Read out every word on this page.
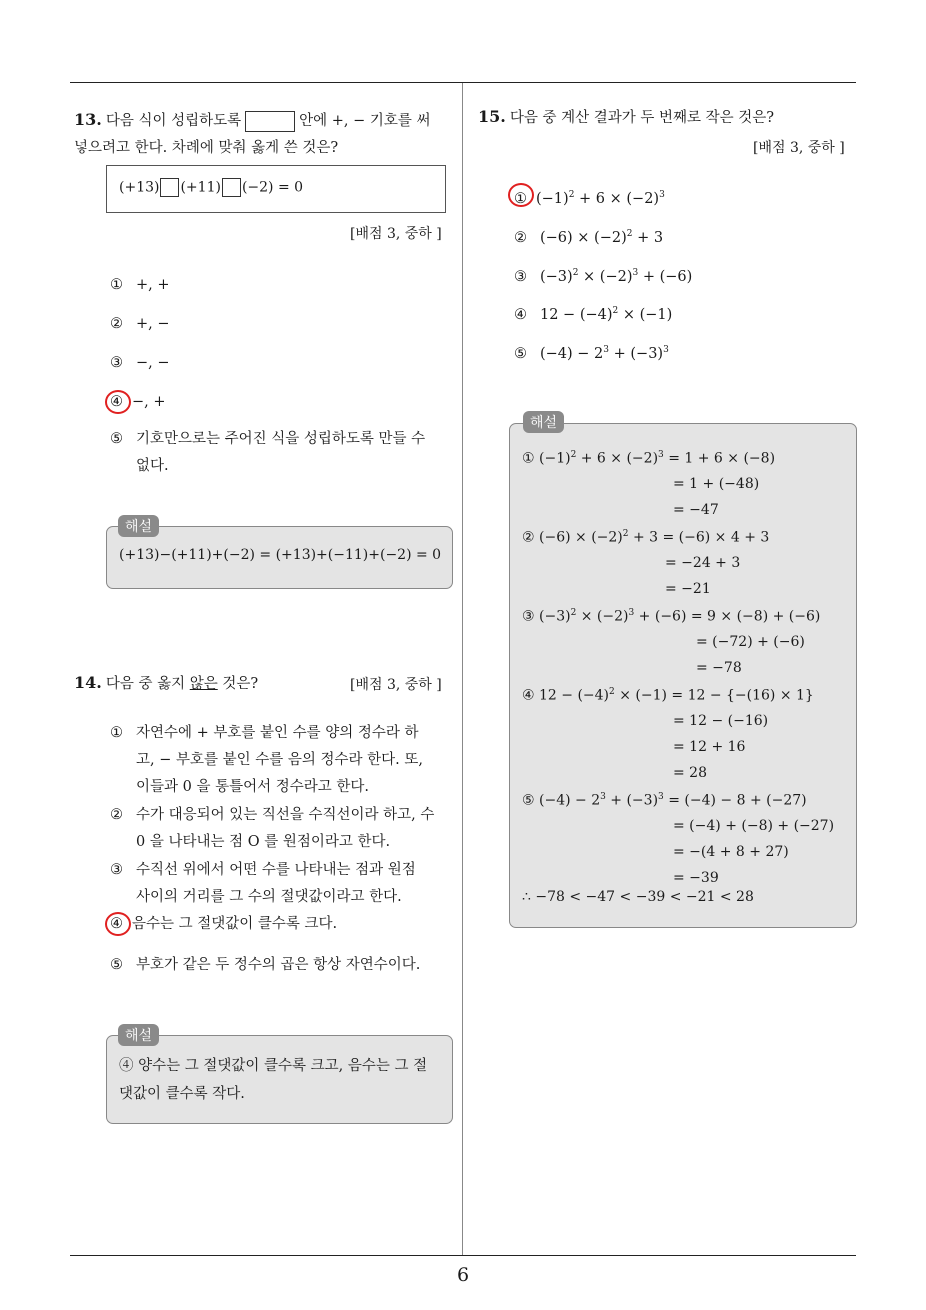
6
13. 다음 식이 성립하도록	안에 +, − 기호를 써
넣으려고 한다. 차례에 맞춰 옳게 쓴 것은?
(+13) (+11) (−2) = 0
[배점 3, 중하 ]
① +, +
② +, −
③ −, −
④ −, +
⑤ 기호만으로는 주어진 식을 성립하도록 만들 수
없다.
(+13)−(+11)+(−2) = (+13)+(−11)+(−2) = 0
해설
14. 다음 중 옳지 않은 것은?	[배점 3, 중하 ]
① 자연수에 + 부호를 붙인 수를 양의 정수라 하
고, − 부호를 붙인 수를 음의 정수라 한다. 또,
이들과 0 을 통틀어서 정수라고 한다.
② 수가 대응되어 있는 직선을 수직선이라 하고, 수
0 을 나타내는 점 O 를 원점이라고 한다.
③ 수직선 위에서 어떤 수를 나타내는 점과 원점
사이의 거리를 그 수의 절댓값이라고 한다.
④ 음수는 그 절댓값이 클수록 크다.
⑤ 부호가 같은 두 정수의 곱은 항상 자연수이다.
④ 양수는 그 절댓값이 클수록 크고, 음수는 그 절
댓값이 클수록 작다.
해설
15. 다음 중 계산 결과가 두 번째로 작은 것은?
[배점 3, 중하 ]
① $(-1)^2 + 6 \times (-2)^3$
② $(-6) \times (-2)^2 + 3$
③ $(-3)^2 \times (-2)^3 + (-6)$
④ $12 - (-4)^2 \times (-1)$
⑤ $(-4) - 2^3 + (-3)^3$
① $(-1)^2 + 6 \times (-2)^3 = 1 + 6 \times (-8)$
= 1 + (−48)
= −47
② $(-6) \times (-2)^2 + 3 = (-6) \times 4 + 3$
= −24 + 3
= −21
③ $(-3)^2 \times (-2)^3 + (-6) = 9 \times (-8) + (-6)$
= (−72) + (−6)
= −78
④ $12 - (-4)^2 \times (-1) = 12 - \{-(16) \times 1\}$
= 12 − (−16)
= 12 + 16
= 28
⑤ $(-4) - 2^3 + (-3)^3 = (-4) - 8 + (-27)$
= (−4) + (−8) + (−27)
= −(4 + 8 + 27)
= −39
∴ −78 < −47 < −39 < −21 < 28
해설
